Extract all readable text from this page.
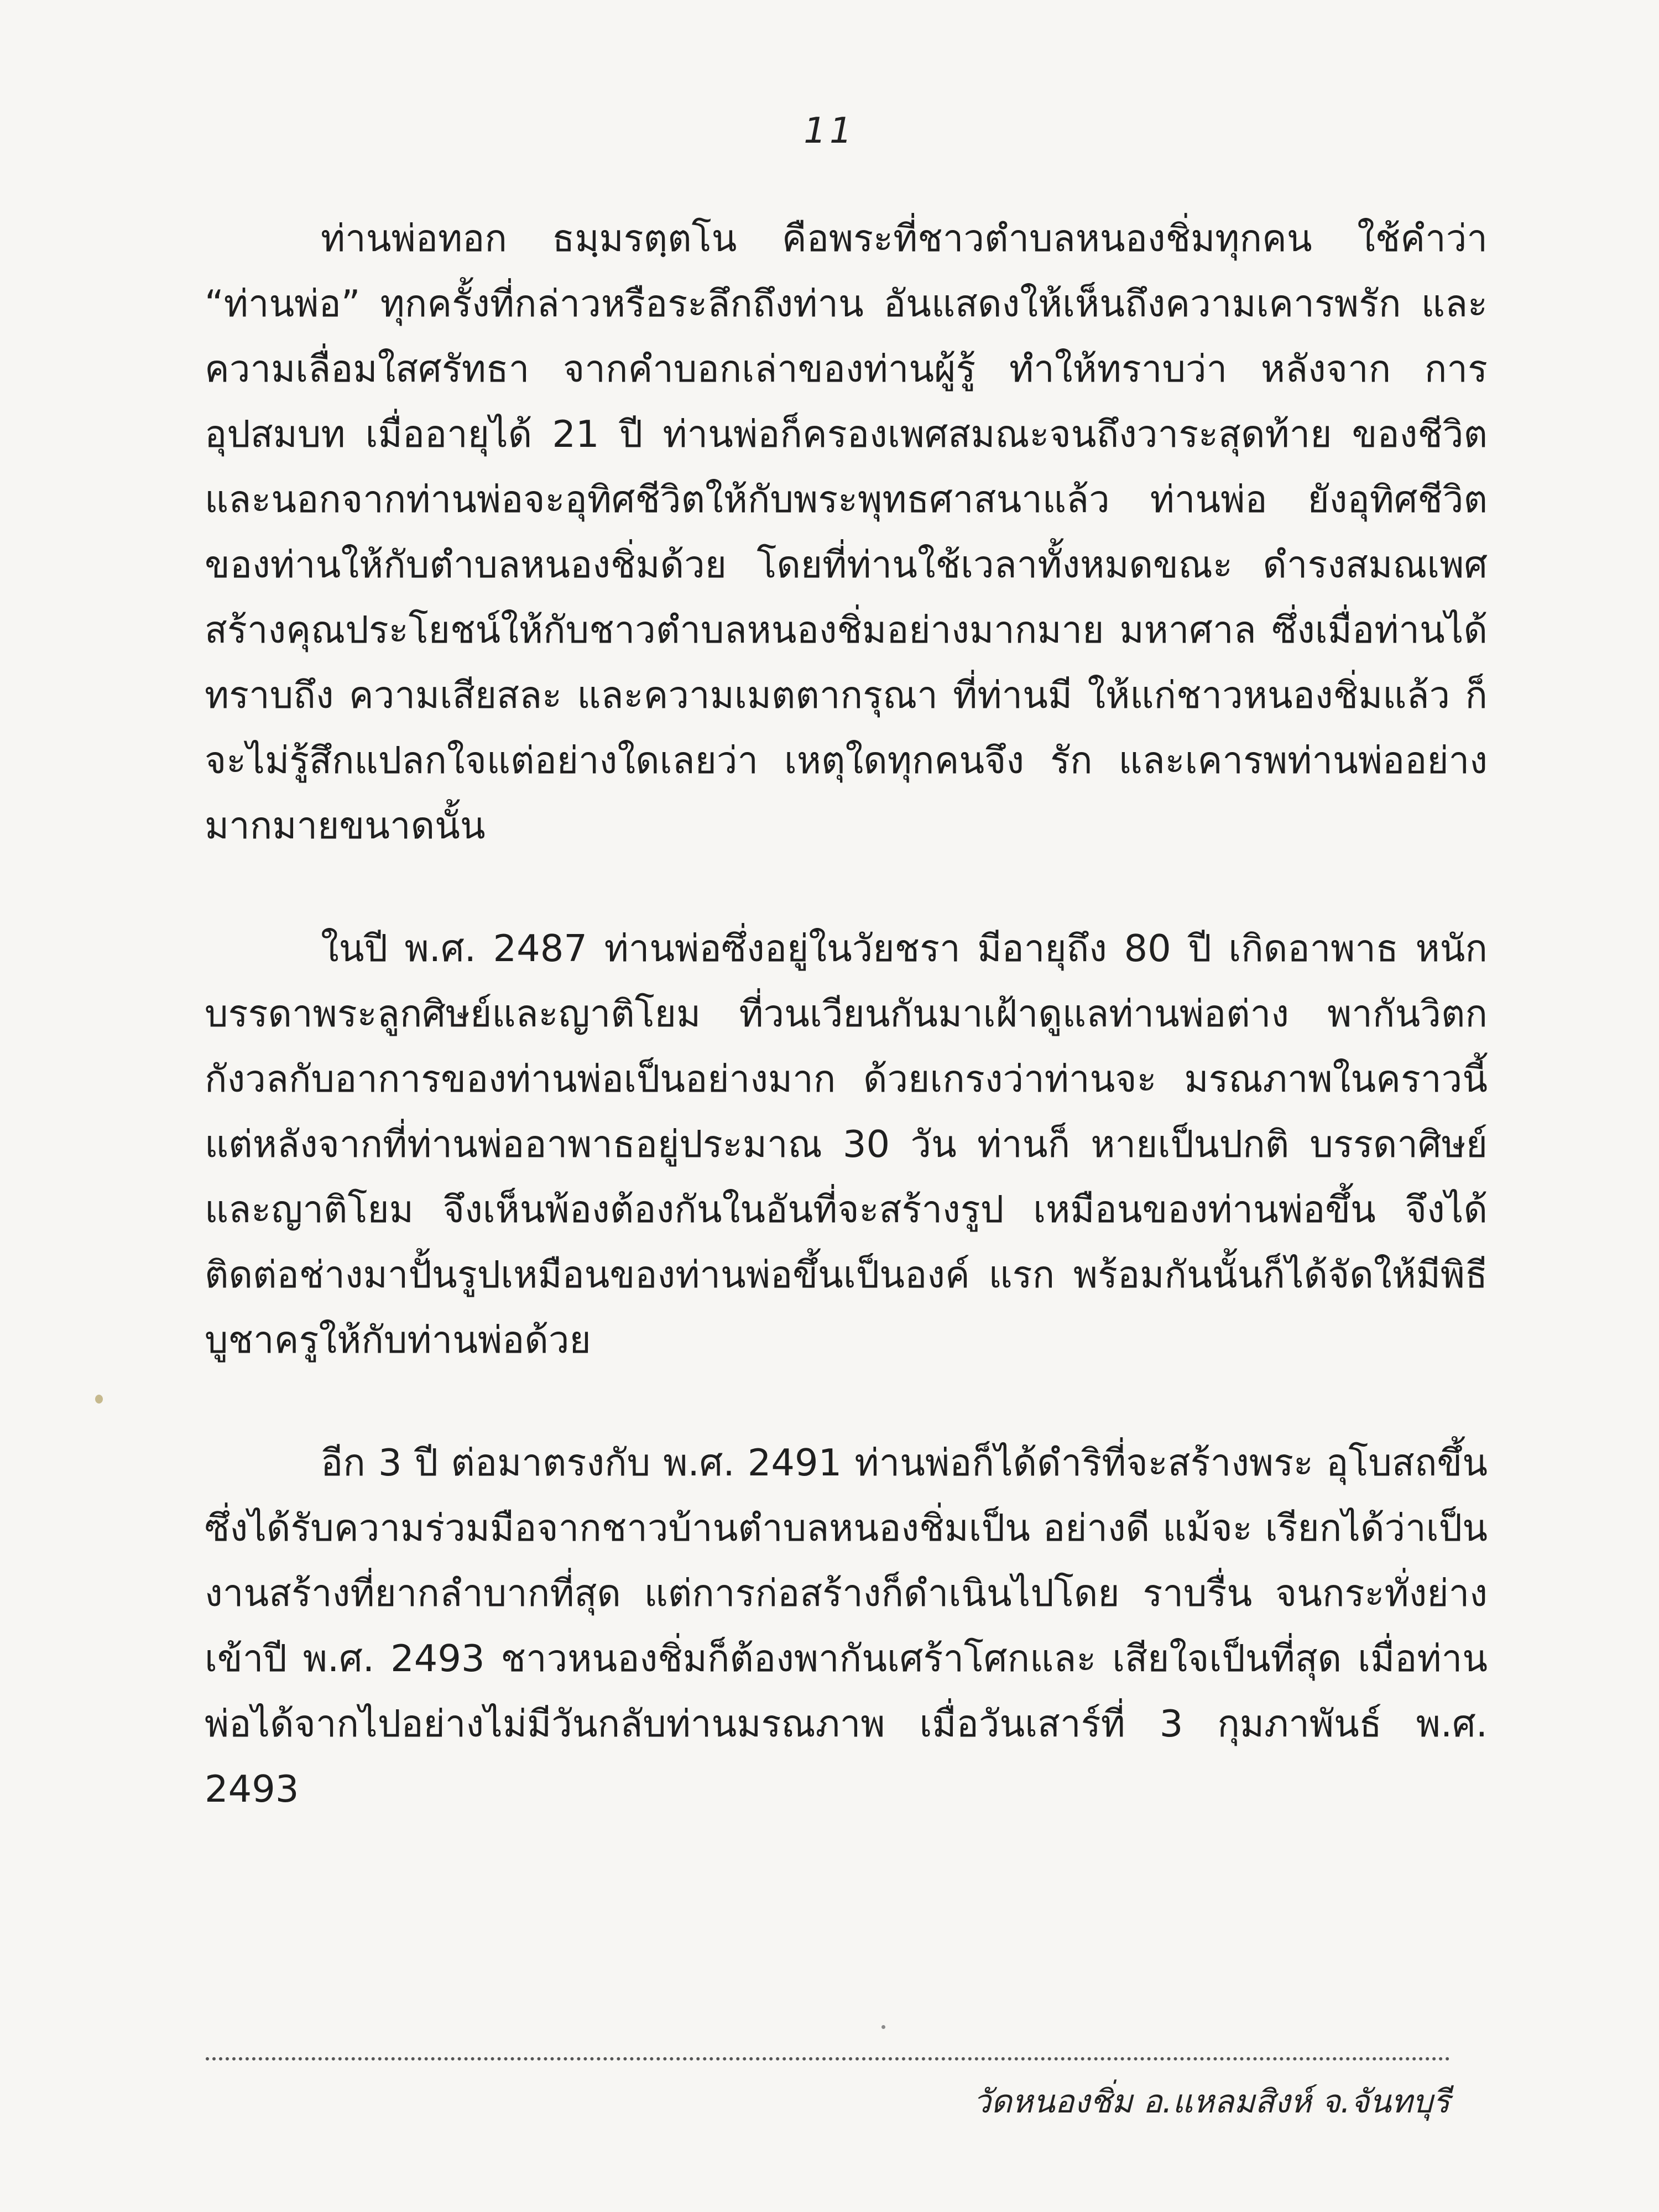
11

ท่านพ่อทอก ธมฺมรตฺตโน คือพระที่ชาวตำบลหนองชิ่มทุกคน ใช้คำว่า “ท่านพ่อ” ทุกครั้งที่กล่าวหรือระลึกถึงท่าน อันแสดงให้เห็นถึงความเคารพรัก และความเลื่อมใสศรัทธา จากคำบอกเล่าของท่านผู้รู้ ทำให้ทราบว่า หลังจาก การอุปสมบท เมื่ออายุได้ 21 ปี ท่านพ่อก็ครองเพศสมณะจนถึงวาระสุดท้าย ของชีวิต และนอกจากท่านพ่อจะอุทิศชีวิตให้กับพระพุทธศาสนาแล้ว ท่านพ่อ ยังอุทิศชีวิตของท่านให้กับตำบลหนองชิ่มด้วย โดยที่ท่านใช้เวลาทั้งหมดขณะ ดำรงสมณเพศ สร้างคุณประโยชน์ให้กับชาวตำบลหนองชิ่มอย่างมากมาย มหาศาล ซึ่งเมื่อท่านได้ทราบถึง ความเสียสละ และความเมตตากรุณา ที่ท่านมี ให้แก่ชาวหนองชิ่มแล้ว ก็จะไม่รู้สึกแปลกใจแต่อย่างใดเลยว่า เหตุใดทุกคนจึง รัก และเคารพท่านพ่ออย่างมากมายขนาดนั้น

ในปี พ.ศ. 2487 ท่านพ่อซึ่งอยู่ในวัยชรา มีอายุถึง 80 ปี เกิดอาพาธ หนัก บรรดาพระลูกศิษย์และญาติโยม ที่วนเวียนกันมาเฝ้าดูแลท่านพ่อต่าง พากันวิตกกังวลกับอาการของท่านพ่อเป็นอย่างมาก ด้วยเกรงว่าท่านจะ มรณภาพในคราวนี้ แต่หลังจากที่ท่านพ่ออาพาธอยู่ประมาณ 30 วัน ท่านก็ หายเป็นปกติ บรรดาศิษย์และญาติโยม จึงเห็นพ้องต้องกันในอันที่จะสร้างรูป เหมือนของท่านพ่อขึ้น จึงได้ติดต่อช่างมาปั้นรูปเหมือนของท่านพ่อขึ้นเป็นองค์ แรก พร้อมกันนั้นก็ได้จัดให้มีพิธีบูชาครูให้กับท่านพ่อด้วย

อีก 3 ปี ต่อมาตรงกับ พ.ศ. 2491 ท่านพ่อก็ได้ดำริที่จะสร้างพระ อุโบสถขึ้น ซึ่งได้รับความร่วมมือจากชาวบ้านตำบลหนองชิ่มเป็น อย่างดี แม้จะ เรียกได้ว่าเป็นงานสร้างที่ยากลำบากที่สุด แต่การก่อสร้างก็ดำเนินไปโดย ราบรื่น จนกระทั่งย่างเข้าปี พ.ศ. 2493 ชาวหนองชิ่มก็ต้องพากันเศร้าโศกและ เสียใจเป็นที่สุด เมื่อท่านพ่อได้จากไปอย่างไม่มีวันกลับท่านมรณภาพ เมื่อวันเสาร์ที่ 3 กุมภาพันธ์ พ.ศ. 2493

วัดหนองชิ่ม อ.แหลมสิงห์ จ.จันทบุรี
